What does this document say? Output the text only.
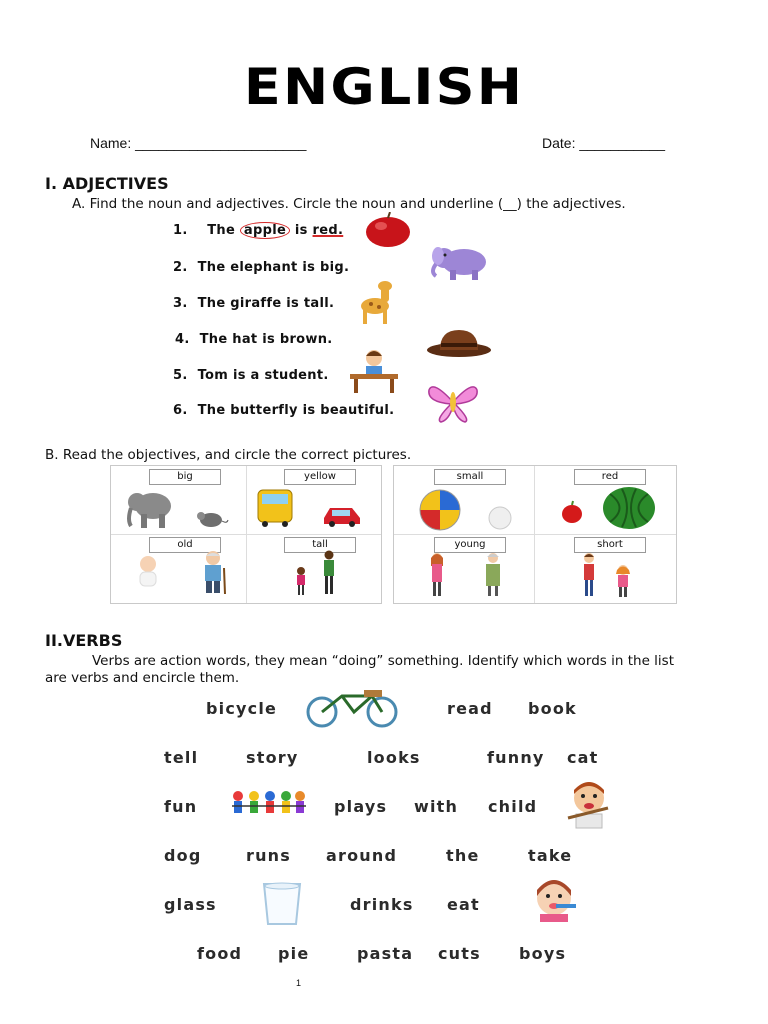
ENGLISH
Name: ______________________	Date: ___________
I. ADJECTIVES
A. Find the noun and adjectives. Circle the noun and underline (__) the adjectives.
1. The apple is red.
2. The elephant is big.
3. The giraffe is tall.
4. The hat is brown.
5. Tom is a student.
6. The butterfly is beautiful.
B. Read the objectives, and circle the correct pictures.
big	yellow
old	tall
small	red
young	short
II.VERBS
Verbs are action words, they mean “doing” something. Identify which words in the list
are verbs and encircle them.
bicycle	read book
tell	story	looks	funny cat
fun	plays with child
dog	runs around	the	take
glass	drinks eat
food pie	pasta cuts boys
1
